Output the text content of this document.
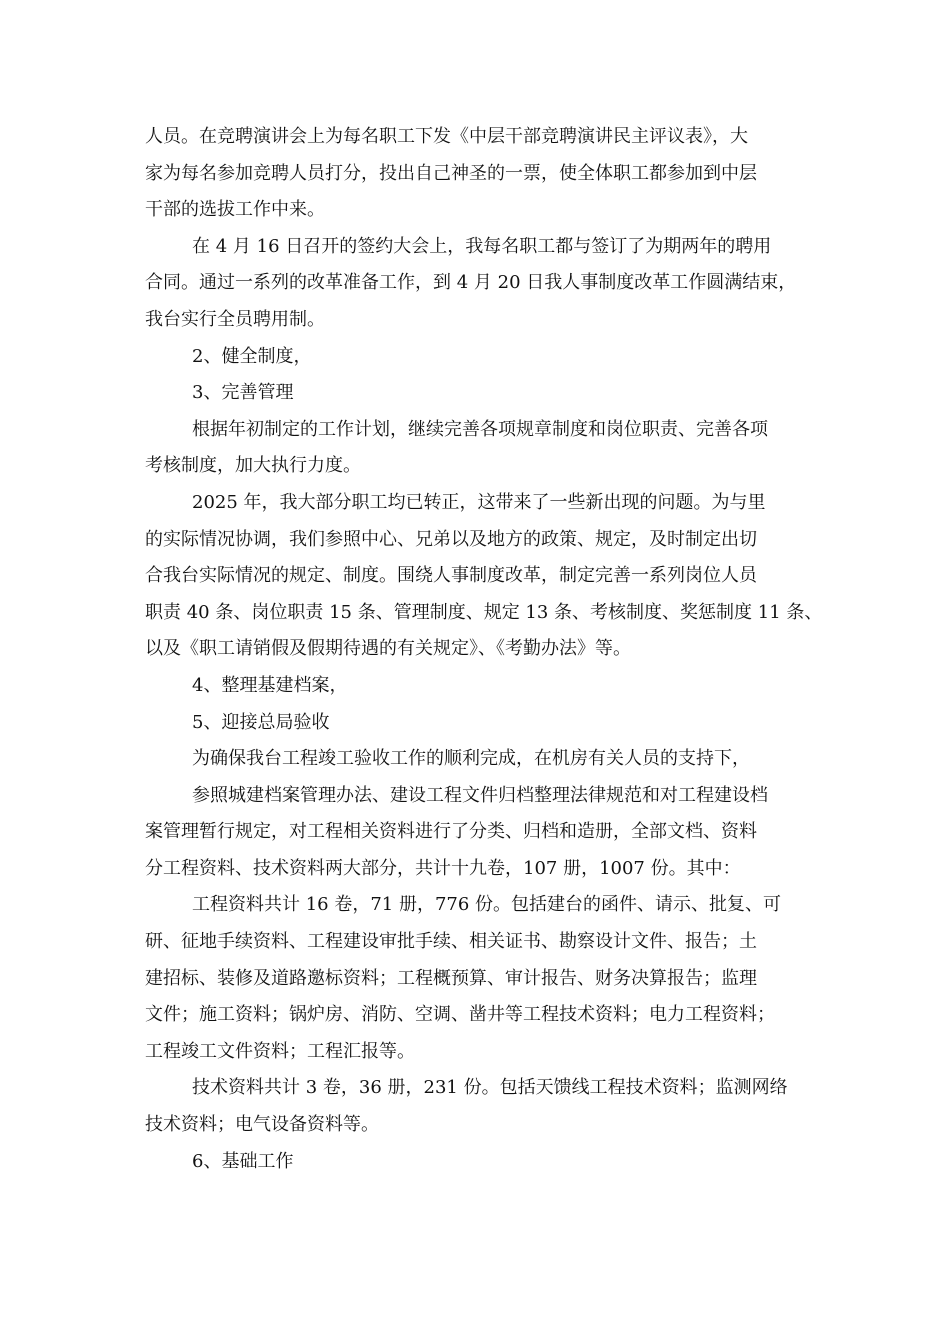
人员。在竞聘演讲会上为每名职工下发《中层干部竞聘演讲民主评议表》，大
家为每名参加竞聘人员打分，投出自己神圣的一票，使全体职工都参加到中层
干部的选拔工作中来。
在 4 月 16 日召开的签约大会上，我每名职工都与签订了为期两年的聘用
合同。通过一系列的改革准备工作，到 4 月 20 日我人事制度改革工作圆满结束，
我台实行全员聘用制。
2、健全制度，
3、完善管理
根据年初制定的工作计划，继续完善各项规章制度和岗位职责、完善各项
考核制度，加大执行力度。
2025 年，我大部分职工均已转正，这带来了一些新出现的问题。为与里
的实际情况协调，我们参照中心、兄弟以及地方的政策、规定，及时制定出切
合我台实际情况的规定、制度。围绕人事制度改革，制定完善一系列岗位人员
职责 40 条、岗位职责 15 条、管理制度、规定 13 条、考核制度、奖惩制度 11 条、
以及《职工请销假及假期待遇的有关规定》、《考勤办法》等。
4、整理基建档案，
5、迎接总局验收
为确保我台工程竣工验收工作的顺利完成，在机房有关人员的支持下，
参照城建档案管理办法、建设工程文件归档整理法律规范和对工程建设档
案管理暂行规定，对工程相关资料进行了分类、归档和造册，全部文档、资料
分工程资料、技术资料两大部分，共计十九卷，107 册，1007 份。其中：
工程资料共计 16 卷，71 册，776 份。包括建台的函件、请示、批复、可
研、征地手续资料、工程建设审批手续、相关证书、勘察设计文件、报告；土
建招标、装修及道路邀标资料；工程概预算、审计报告、财务决算报告；监理
文件；施工资料；锅炉房、消防、空调、凿井等工程技术资料；电力工程资料；
工程竣工文件资料；工程汇报等。
技术资料共计 3 卷，36 册，231 份。包括天馈线工程技术资料；监测网络
技术资料；电气设备资料等。
6、基础工作
